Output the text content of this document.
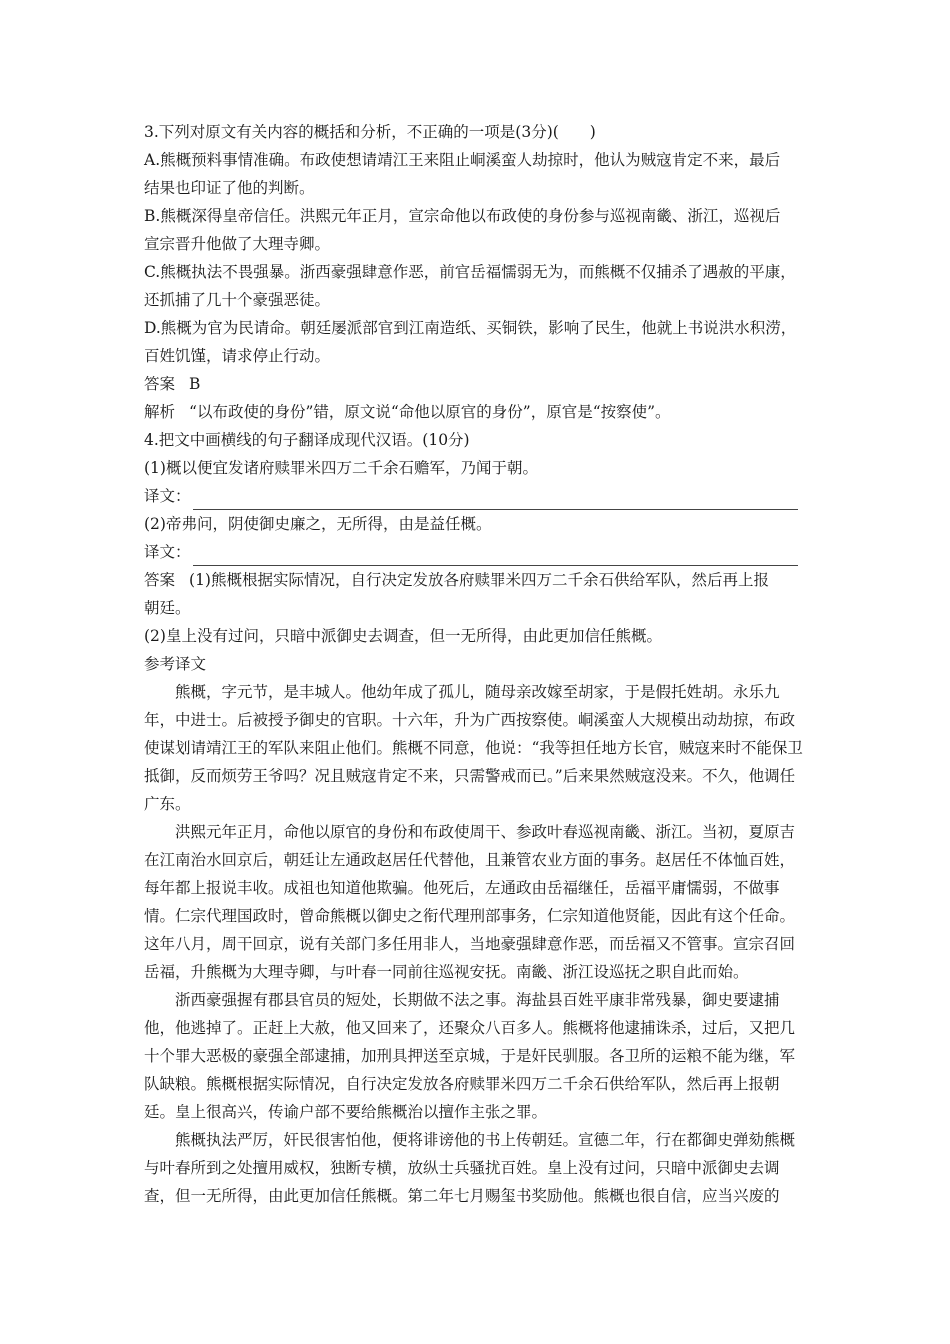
3.下列对原文有关内容的概括和分析，不正确的一项是(3分)(　　)
A.熊概预料事情准确。布政使想请靖江王来阻止峒溪蛮人劫掠时，他认为贼寇肯定不来，最后
结果也印证了他的判断。
B.熊概深得皇帝信任。洪熙元年正月，宣宗命他以布政使的身份参与巡视南畿、浙江，巡视后
宣宗晋升他做了大理寺卿。
C.熊概执法不畏强暴。浙西豪强肆意作恶，前官岳福懦弱无为，而熊概不仅捕杀了遇赦的平康，
还抓捕了几十个豪强恶徒。
D.熊概为官为民请命。朝廷屡派部官到江南造纸、买铜铁，影响了民生，他就上书说洪水积涝，
百姓饥馑，请求停止行动。
答案 B
解析 “以布政使的身份”错，原文说“命他以原官的身份”，原官是“按察使”。
4.把文中画横线的句子翻译成现代汉语。(10分)
(1)概以便宜发诸府赎罪米四万二千余石赡军，乃闻于朝。
译文：
(2)帝弗问，阴使御史廉之，无所得，由是益任概。
译文：
答案 (1)熊概根据实际情况，自行决定发放各府赎罪米四万二千余石供给军队，然后再上报
朝廷。
(2)皇上没有过问，只暗中派御史去调查，但一无所得，由此更加信任熊概。
参考译文
熊概，字元节，是丰城人。他幼年成了孤儿，随母亲改嫁至胡家，于是假托姓胡。永乐九年，中进士。后被授予御史的官职。十六年，升为广西按察使。峒溪蛮人大规模出动劫掠，布政使谋划请靖江王的军队来阻止他们。熊概不同意，他说：“我等担任地方长官，贼寇来时不能保卫抵御，反而烦劳王爷吗？况且贼寇肯定不来，只需警戒而已。”后来果然贼寇没来。不久，他调任广东。
洪熙元年正月，命他以原官的身份和布政使周干、参政叶春巡视南畿、浙江。当初，夏原吉在江南治水回京后，朝廷让左通政赵居任代替他，且兼管农业方面的事务。赵居任不体恤百姓，每年都上报说丰收。成祖也知道他欺骗。他死后，左通政由岳福继任，岳福平庸懦弱，不做事情。仁宗代理国政时，曾命熊概以御史之衔代理刑部事务，仁宗知道他贤能，因此有这个任命。这年八月，周干回京，说有关部门多任用非人，当地豪强肆意作恶，而岳福又不管事。宣宗召回岳福，升熊概为大理寺卿，与叶春一同前往巡视安抚。南畿、浙江设巡抚之职自此而始。
浙西豪强握有郡县官员的短处，长期做不法之事。海盐县百姓平康非常残暴，御史要逮捕他，他逃掉了。正赶上大赦，他又回来了，还聚众八百多人。熊概将他逮捕诛杀，过后，又把几十个罪大恶极的豪强全部逮捕，加刑具押送至京城，于是奸民驯服。各卫所的运粮不能为继，军队缺粮。熊概根据实际情况，自行决定发放各府赎罪米四万二千余石供给军队，然后再上报朝廷。皇上很高兴，传谕户部不要给熊概治以擅作主张之罪。
熊概执法严厉，奸民很害怕他，便将诽谤他的书上传朝廷。宣德二年，行在都御史弹劾熊概与叶春所到之处擅用威权，独断专横，放纵士兵骚扰百姓。皇上没有过问，只暗中派御史去调查，但一无所得，由此更加信任熊概。第二年七月赐玺书奖励他。熊概也很自信，应当兴废的
